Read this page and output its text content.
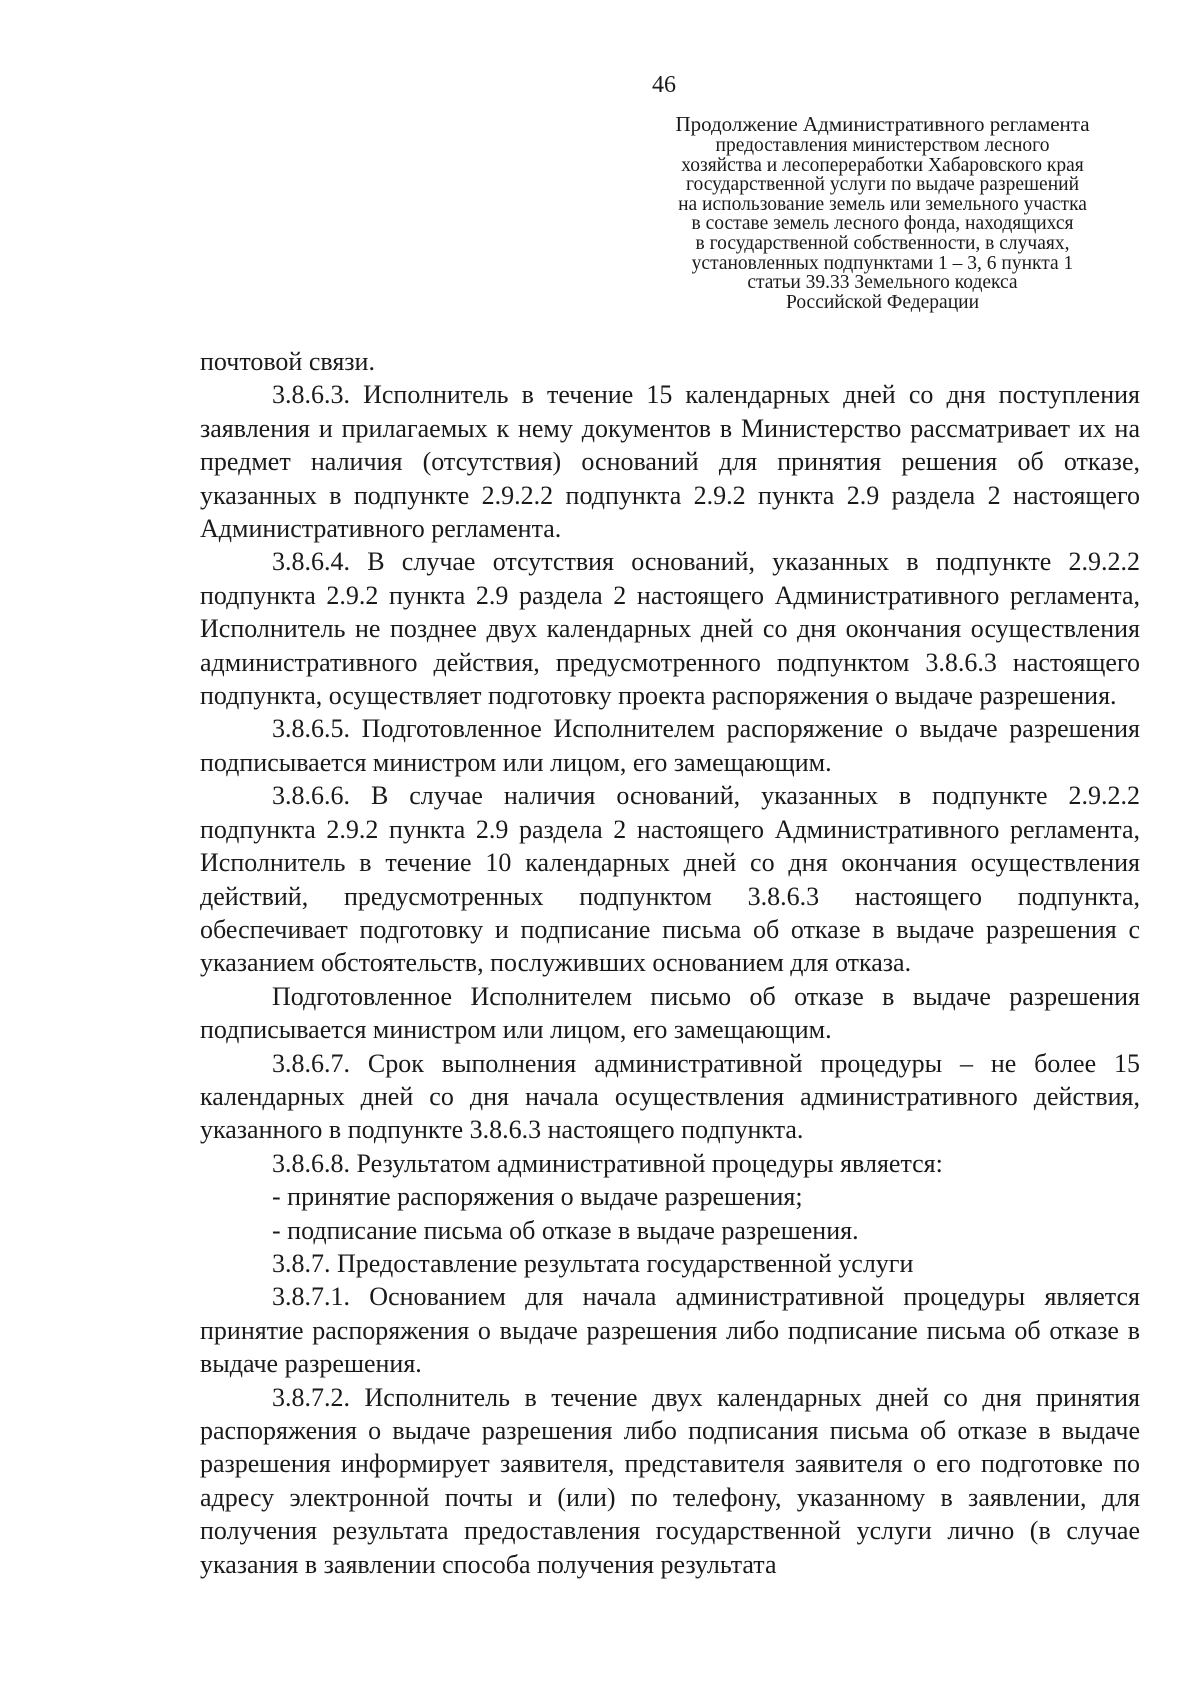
46
Продолжение Административного регламента
предоставления министерством лесного
хозяйства и лесопереработки Хабаровского края
государственной услуги по выдаче разрешений
на использование земель или земельного участка
в составе земель лесного фонда, находящихся
в государственной собственности, в случаях,
установленных подпунктами 1 – 3, 6 пункта 1
статьи 39.33 Земельного кодекса
Российской Федерации

почтовой связи.

3.8.6.3. Исполнитель в течение 15 календарных дней со дня поступления заявления и прилагаемых к нему документов в Министерство рассматривает их на предмет наличия (отсутствия) оснований для принятия решения об отказе, указанных в подпункте 2.9.2.2 подпункта 2.9.2 пункта 2.9 раздела 2 настоящего Административного регламента.

3.8.6.4. В случае отсутствия оснований, указанных в подпункте 2.9.2.2 подпункта 2.9.2 пункта 2.9 раздела 2 настоящего Административного регламента, Исполнитель не позднее двух календарных дней со дня окончания осуществления административного действия, предусмотренного подпунктом 3.8.6.3 настоящего подпункта, осуществляет подготовку проекта распоряжения о выдаче разрешения.

3.8.6.5. Подготовленное Исполнителем распоряжение о выдаче разрешения подписывается министром или лицом, его замещающим.

3.8.6.6. В случае наличия оснований, указанных в подпункте 2.9.2.2 подпункта 2.9.2 пункта 2.9 раздела 2 настоящего Административного регламента, Исполнитель в течение 10 календарных дней со дня окончания осуществления действий, предусмотренных подпунктом 3.8.6.3 настоящего подпункта, обеспечивает подготовку и подписание письма об отказе в выдаче разрешения с указанием обстоятельств, послуживших основанием для отказа.

Подготовленное Исполнителем письмо об отказе в выдаче разрешения подписывается министром или лицом, его замещающим.

3.8.6.7. Срок выполнения административной процедуры – не более 15 календарных дней со дня начала осуществления административного действия, указанного в подпункте 3.8.6.3 настоящего подпункта.

3.8.6.8. Результатом административной процедуры является:

- принятие распоряжения о выдаче разрешения;

- подписание письма об отказе в выдаче разрешения.

3.8.7. Предоставление результата государственной услуги

3.8.7.1. Основанием для начала административной процедуры является принятие распоряжения о выдаче разрешения либо подписание письма об отказе в выдаче разрешения.

3.8.7.2. Исполнитель в течение двух календарных дней со дня принятия распоряжения о выдаче разрешения либо подписания письма об отказе в выдаче разрешения информирует заявителя, представителя заявителя о его подготовке по адресу электронной почты и (или) по телефону, указанному в заявлении, для получения результата предоставления государственной услуги лично (в случае указания в заявлении способа получения результата
